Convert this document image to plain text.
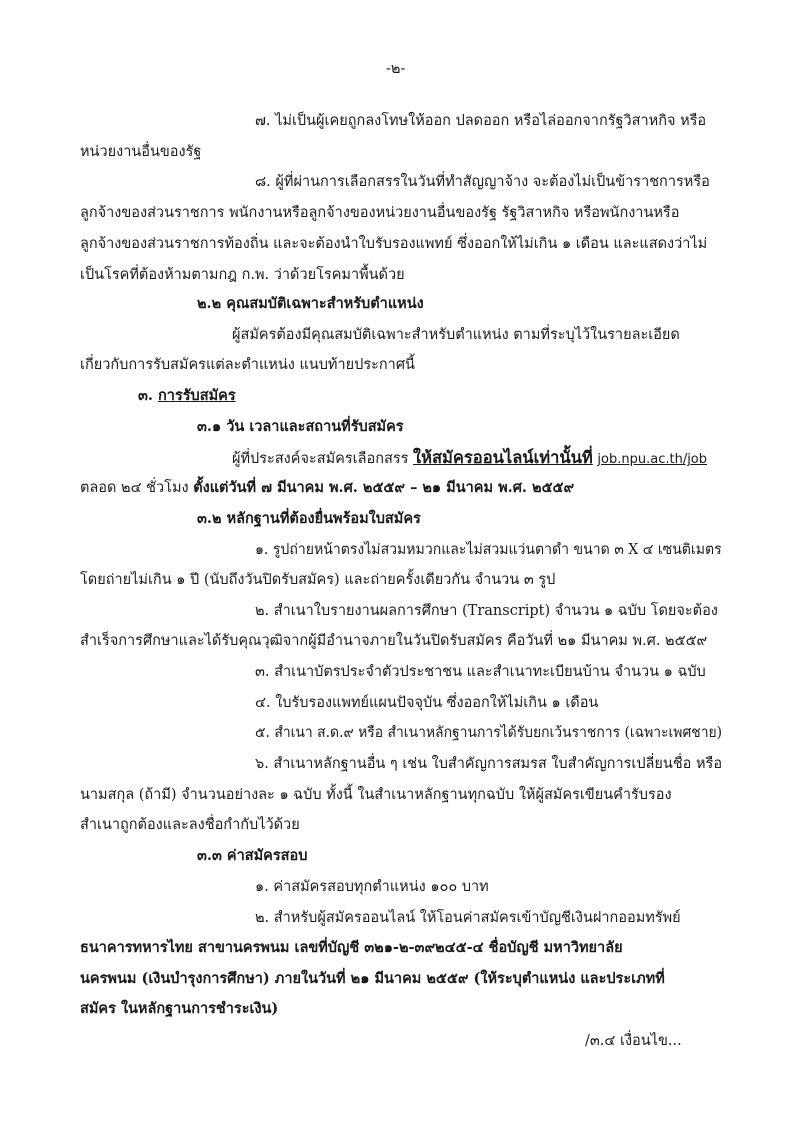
-๒-
๗. ไม่เป็นผู้เคยถูกลงโทษให้ออก ปลดออก หรือไล่ออกจากรัฐวิสาหกิจ หรือ
หน่วยงานอื่นของรัฐ
๘. ผู้ที่ผ่านการเลือกสรรในวันที่ทำสัญญาจ้าง จะต้องไม่เป็นข้าราชการหรือ
ลูกจ้างของส่วนราชการ พนักงานหรือลูกจ้างของหน่วยงานอื่นของรัฐ รัฐวิสาหกิจ หรือพนักงานหรือ
ลูกจ้างของส่วนราชการท้องถิ่น และจะต้องนำใบรับรองแพทย์ ซึ่งออกให้ไม่เกิน ๑ เดือน และแสดงว่าไม่
เป็นโรคที่ต้องห้ามตามกฎ ก.พ. ว่าด้วยโรคมาพื้นด้วย
๒.๒ คุณสมบัติเฉพาะสำหรับตำแหน่ง
ผู้สมัครต้องมีคุณสมบัติเฉพาะสำหรับตำแหน่ง ตามที่ระบุไว้ในรายละเอียด
เกี่ยวกับการรับสมัครแต่ละตำแหน่ง แนบท้ายประกาศนี้
๓. การรับสมัคร
๓.๑ วัน เวลาและสถานที่รับสมัคร
ผู้ที่ประสงค์จะสมัครเลือกสรร ให้สมัครออนไลน์เท่านั้นที่ job.npu.ac.th/job
ตลอด ๒๔ ชั่วโมง ตั้งแต่วันที่ ๗ มีนาคม พ.ศ. ๒๕๕๙ – ๒๑ มีนาคม พ.ศ. ๒๕๕๙
๓.๒ หลักฐานที่ต้องยื่นพร้อมใบสมัคร
๑. รูปถ่ายหน้าตรงไม่สวมหมวกและไม่สวมแว่นตาดำ ขนาด ๓ X ๔ เซนติเมตร
โดยถ่ายไม่เกิน ๑ ปี (นับถึงวันปิดรับสมัคร) และถ่ายครั้งเดียวกัน จำนวน ๓ รูป
๒. สำเนาใบรายงานผลการศึกษา (Transcript) จำนวน ๑ ฉบับ โดยจะต้อง
สำเร็จการศึกษาและได้รับคุณวุฒิจากผู้มีอำนาจภายในวันปิดรับสมัคร คือวันที่ ๒๑ มีนาคม พ.ศ. ๒๕๕๙
๓. สำเนาบัตรประจำตัวประชาชน และสำเนาทะเบียนบ้าน จำนวน ๑ ฉบับ
๔. ใบรับรองแพทย์แผนปัจจุบัน ซึ่งออกให้ไม่เกิน ๑ เดือน
๕. สำเนา ส.ด.๙ หรือ สำเนาหลักฐานการได้รับยกเว้นราชการ (เฉพาะเพศชาย)
๖. สำเนาหลักฐานอื่น ๆ เช่น ใบสำคัญการสมรส ใบสำคัญการเปลี่ยนชื่อ หรือ
นามสกุล (ถ้ามี) จำนวนอย่างละ ๑ ฉบับ ทั้งนี้ ในสำเนาหลักฐานทุกฉบับ ให้ผู้สมัครเขียนคำรับรอง
สำเนาถูกต้องและลงชื่อกำกับไว้ด้วย
๓.๓ ค่าสมัครสอบ
๑. ค่าสมัครสอบทุกตำแหน่ง ๑๐๐ บาท
๒. สำหรับผู้สมัครออนไลน์ ให้โอนค่าสมัครเข้าบัญชีเงินฝากออมทรัพย์
ธนาคารทหารไทย สาขานครพนม เลขที่บัญชี ๓๒๑-๒-๓๙๒๔๕-๔ ชื่อบัญชี มหาวิทยาลัย
นครพนม (เงินบำรุงการศึกษา) ภายในวันที่ ๒๑ มีนาคม ๒๕๕๙ (ให้ระบุตำแหน่ง และประเภทที่
สมัคร ในหลักฐานการชำระเงิน)
/๓.๔ เงื่อนไข...
